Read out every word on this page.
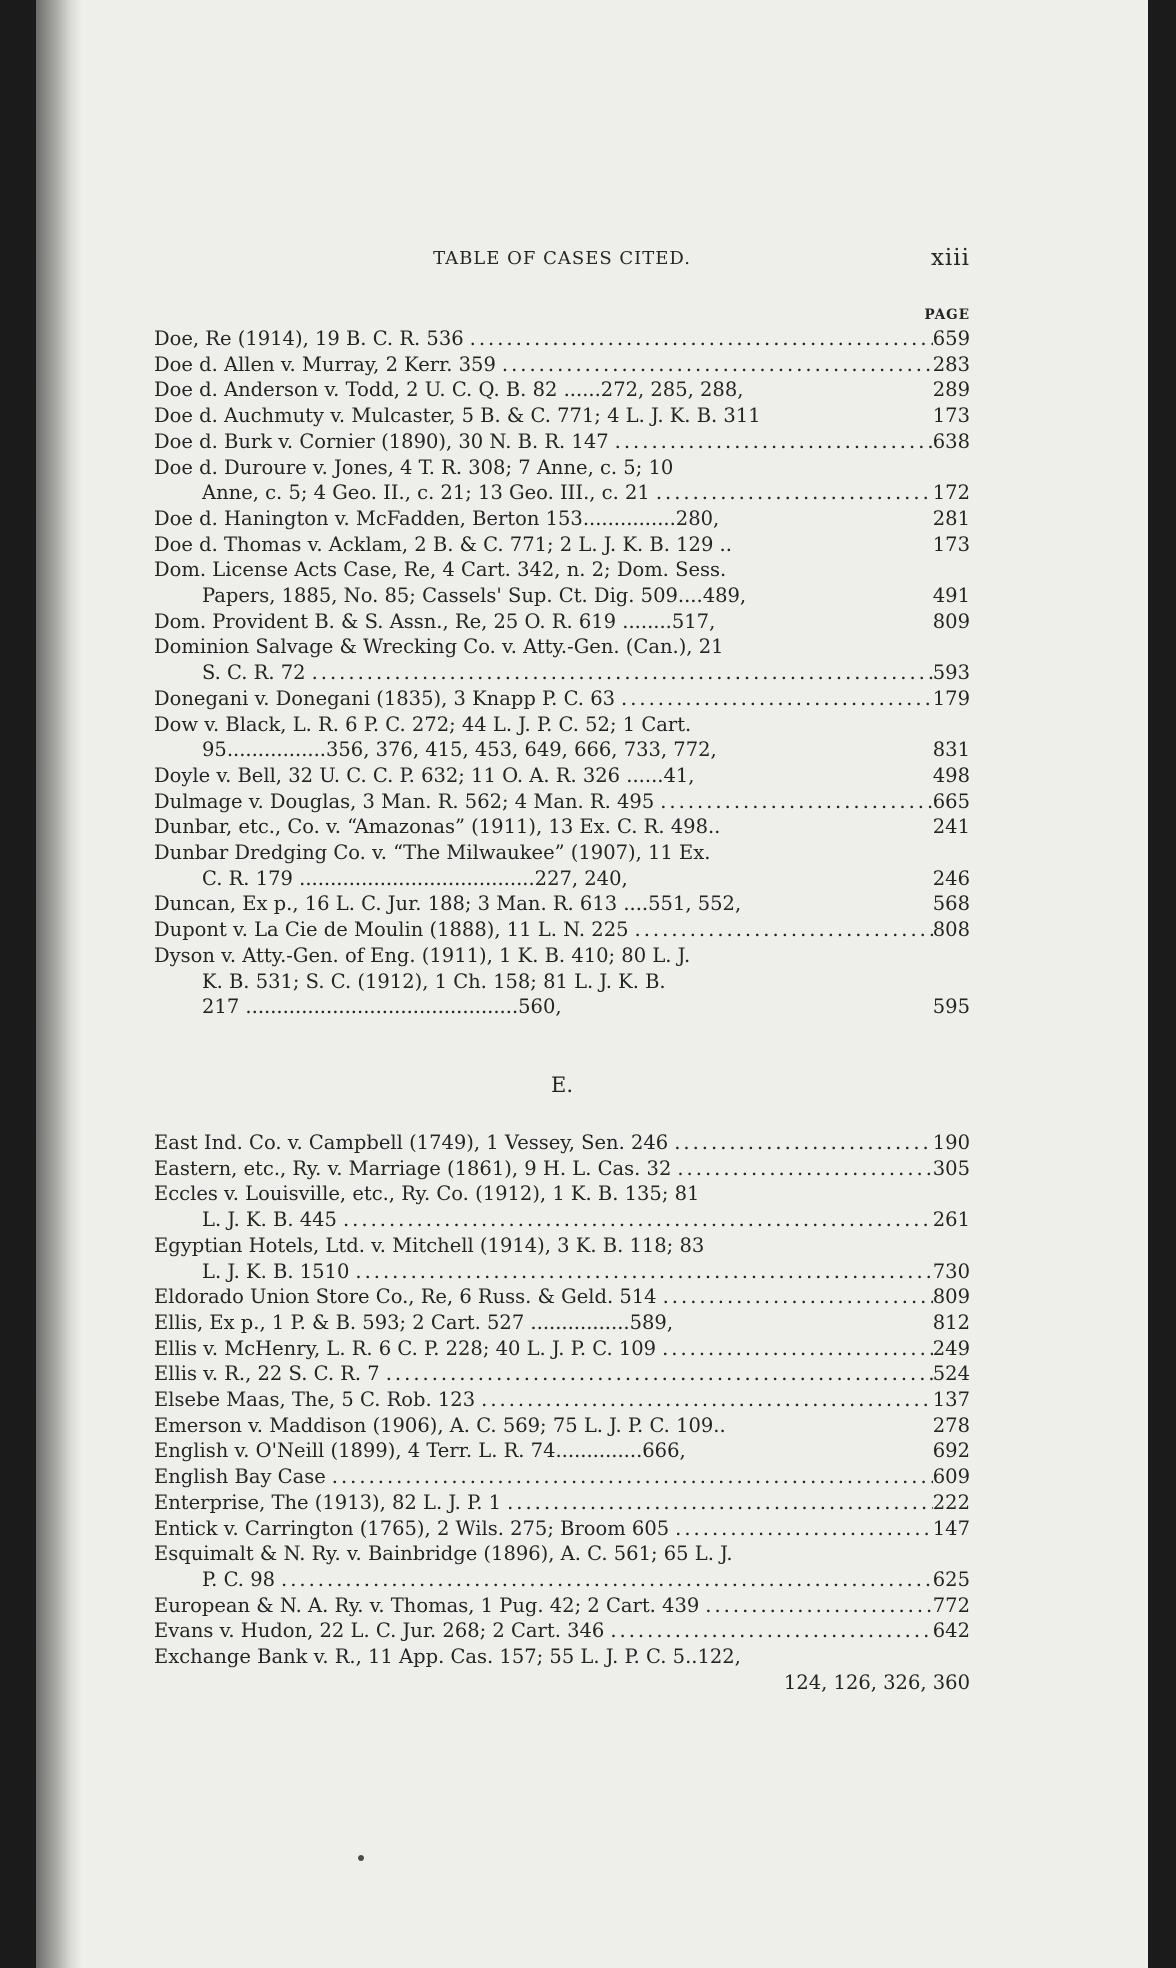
TABLE OF CASES CITED.	xiii
PAGE
Doe, Re (1914), 19 B. C. R. 536 .....	659
Doe d. Allen v. Murray, 2 Kerr. 359 .....	283
Doe d. Anderson v. Todd, 2 U. C. Q. B. 82 ......272, 285, 288,	289
Doe d. Auchmuty v. Mulcaster, 5 B. & C. 771; 4 L. J. K. B. 311	173
Doe d. Burk v. Cornier (1890), 30 N. B. R. 147 .....	638
Doe d. Duroure v. Jones, 4 T. R. 308; 7 Anne, c. 5; 10
Anne, c. 5; 4 Geo. II., c. 21; 13 Geo. III., c. 21 .....	172
Doe d. Hanington v. McFadden, Berton 153...............280,	281
Doe d. Thomas v. Acklam, 2 B. & C. 771; 2 L. J. K. B. 129 ..	173
Dom. License Acts Case, Re, 4 Cart. 342, n. 2; Dom. Sess.
Papers, 1885, No. 85; Cassels' Sup. Ct. Dig. 509....489,	491
Dom. Provident B. & S. Assn., Re, 25 O. R. 619 ........517,	809
Dominion Salvage & Wrecking Co. v. Atty.-Gen. (Can.), 21
S. C. R. 72 .....	593
Donegani v. Donegani (1835), 3 Knapp P. C. 63 .....	179
Dow v. Black, L. R. 6 P. C. 272; 44 L. J. P. C. 52; 1 Cart.
95................356, 376, 415, 453, 649, 666, 733, 772,	831
Doyle v. Bell, 32 U. C. C. P. 632; 11 O. A. R. 326 ......41,	498
Dulmage v. Douglas, 3 Man. R. 562; 4 Man. R. 495 .....	665
Dunbar, etc., Co. v. “Amazonas” (1911), 13 Ex. C. R. 498..	241
Dunbar Dredging Co. v. “The Milwaukee” (1907), 11 Ex.
C. R. 179 ......................................227, 240,	246
Duncan, Ex p., 16 L. C. Jur. 188; 3 Man. R. 613 ....551, 552,	568
Dupont v. La Cie de Moulin (1888), 11 L. N. 225 .....	808
Dyson v. Atty.-Gen. of Eng. (1911), 1 K. B. 410; 80 L. J.
K. B. 531; S. C. (1912), 1 Ch. 158; 81 L. J. K. B.
217 ............................................560,	595
E.
East Ind. Co. v. Campbell (1749), 1 Vessey, Sen. 246 .....	190
Eastern, etc., Ry. v. Marriage (1861), 9 H. L. Cas. 32 .....	305
Eccles v. Louisville, etc., Ry. Co. (1912), 1 K. B. 135; 81
L. J. K. B. 445 .....	261
Egyptian Hotels, Ltd. v. Mitchell (1914), 3 K. B. 118; 83
L. J. K. B. 1510 .....	730
Eldorado Union Store Co., Re, 6 Russ. & Geld. 514 .....	809
Ellis, Ex p., 1 P. & B. 593; 2 Cart. 527 ................589,	812
Ellis v. McHenry, L. R. 6 C. P. 228; 40 L. J. P. C. 109 .....	249
Ellis v. R., 22 S. C. R. 7 .....	524
Elsebe Maas, The, 5 C. Rob. 123 .....	137
Emerson v. Maddison (1906), A. C. 569; 75 L. J. P. C. 109..	278
English v. O'Neill (1899), 4 Terr. L. R. 74..............666,	692
English Bay Case .....	609
Enterprise, The (1913), 82 L. J. P. 1 .....	222
Entick v. Carrington (1765), 2 Wils. 275; Broom 605 .....	147
Esquimalt & N. Ry. v. Bainbridge (1896), A. C. 561; 65 L. J.
P. C. 98 .....	625
European & N. A. Ry. v. Thomas, 1 Pug. 42; 2 Cart. 439 .....	772
Evans v. Hudon, 22 L. C. Jur. 268; 2 Cart. 346 .....	642
Exchange Bank v. R., 11 App. Cas. 157; 55 L. J. P. C. 5..122,
124, 126, 326, 360
